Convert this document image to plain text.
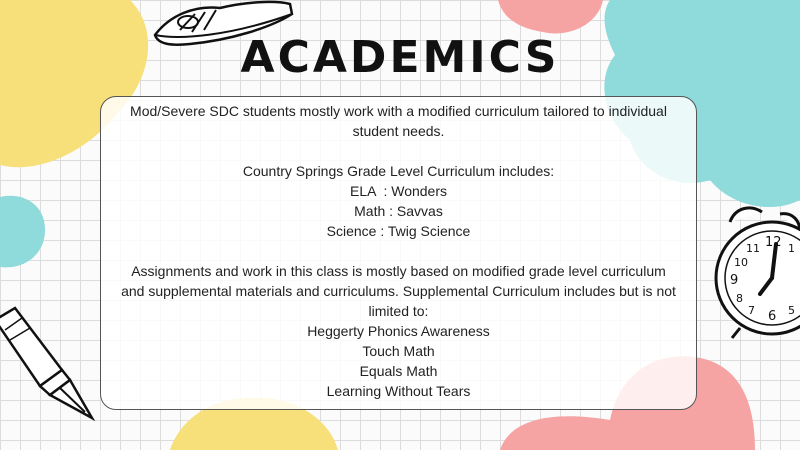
12
6
9
1
5
7
8
10
11
ACADEMICS

Mod/Severe SDC students mostly work with a modified curriculum tailored to individual student needs.

Country Springs Grade Level Curriculum includes:

ELA  : Wonders

Math : Savvas

Science : Twig Science

Assignments and work in this class is mostly based on modified grade level curriculum and supplemental materials and curriculums. Supplemental Curriculum includes but is not limited to:

Heggerty Phonics Awareness

Touch Math

Equals Math

Learning Without Tears
